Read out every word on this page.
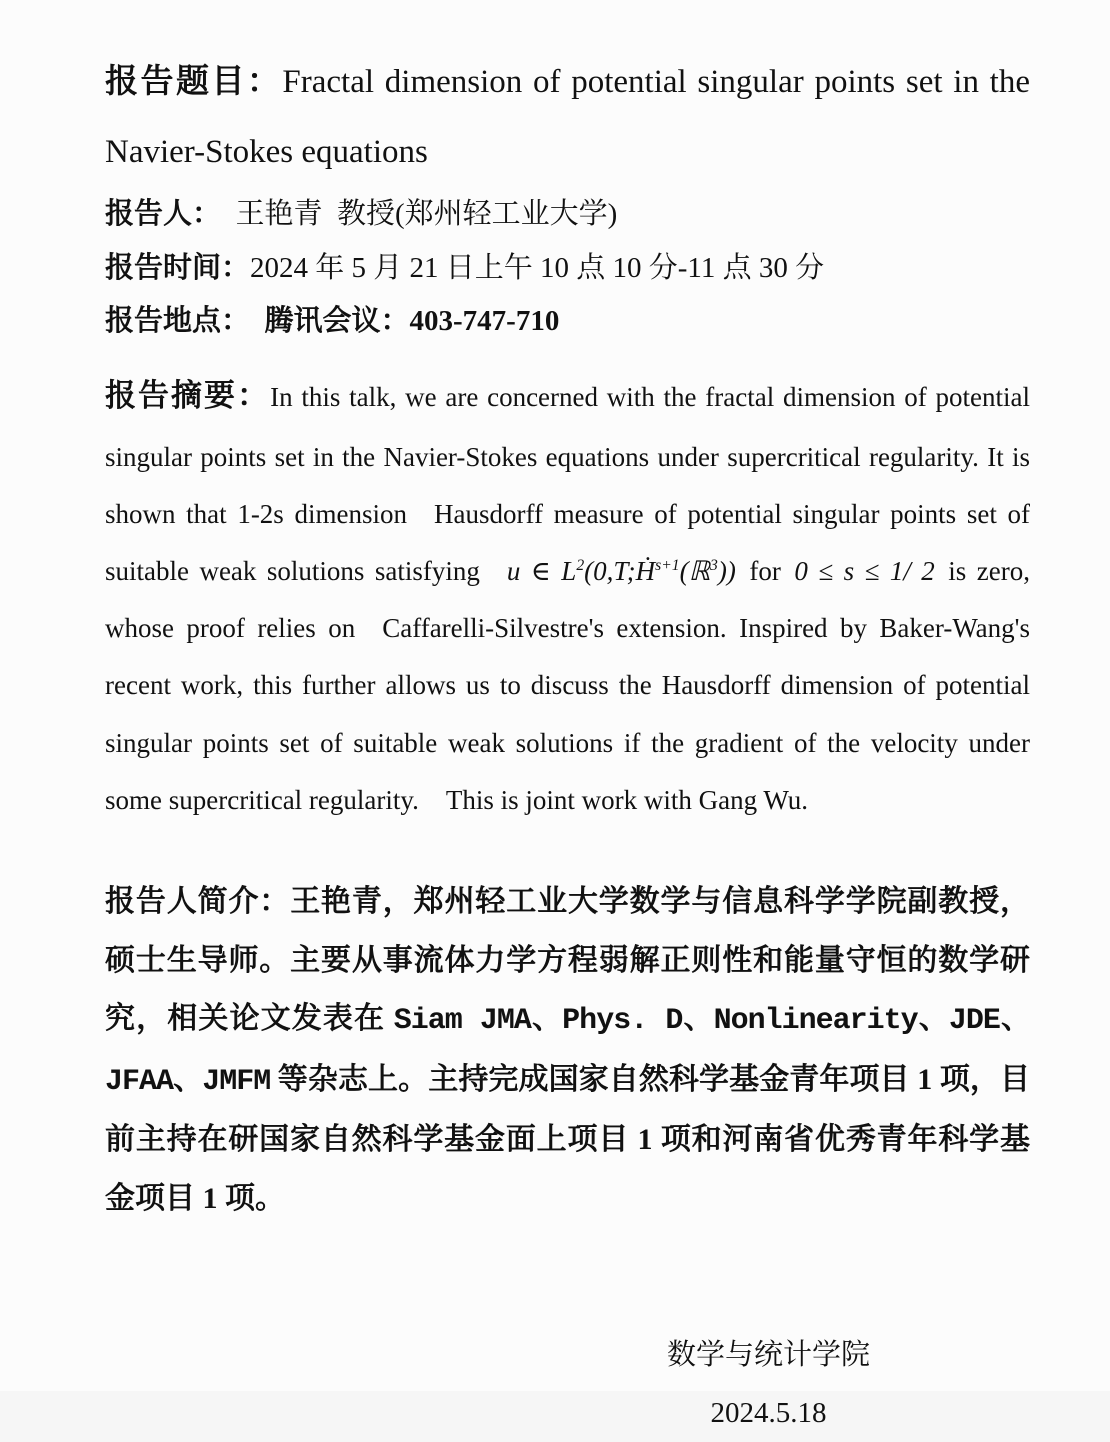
报告题目：Fractal dimension of potential singular points set in the Navier-Stokes equations

报告人： 王艳青 教授(郑州轻工业大学)

报告时间：2024 年 5 月 21 日上午 10 点 10 分-11 点 30 分

报告地点： 腾讯会议：403-747-710

报告摘要：In this talk, we are concerned with the fractal dimension of potential singular points set in the Navier-Stokes equations under supercritical regularity. It is shown that 1-2s dimension Hausdorff measure of potential singular points set of suitable weak solutions satisfying u ∈ $L^2(0,T;Ḣ^{s+1}(ℝ^3))$ for 0 ≤ s ≤ 1/ 2 is zero, whose proof relies on Caffarelli-Silvestre's extension. Inspired by Baker-Wang's recent work, this further allows us to discuss the Hausdorff dimension of potential singular points set of suitable weak solutions if the gradient of the velocity under some supercritical regularity. This is joint work with Gang Wu.

报告人简介：王艳青，郑州轻工业大学数学与信息科学学院副教授，硕士生导师。主要从事流体力学方程弱解正则性和能量守恒的数学研究，相关论文发表在 Siam JMA、Phys. D、Nonlinearity、JDE、JFAA、JMFM 等杂志上。主持完成国家自然科学基金青年项目 1 项，目前主持在研国家自然科学基金面上项目 1 项和河南省优秀青年科学基金项目 1 项。

数学与统计学院

2024.5.18
